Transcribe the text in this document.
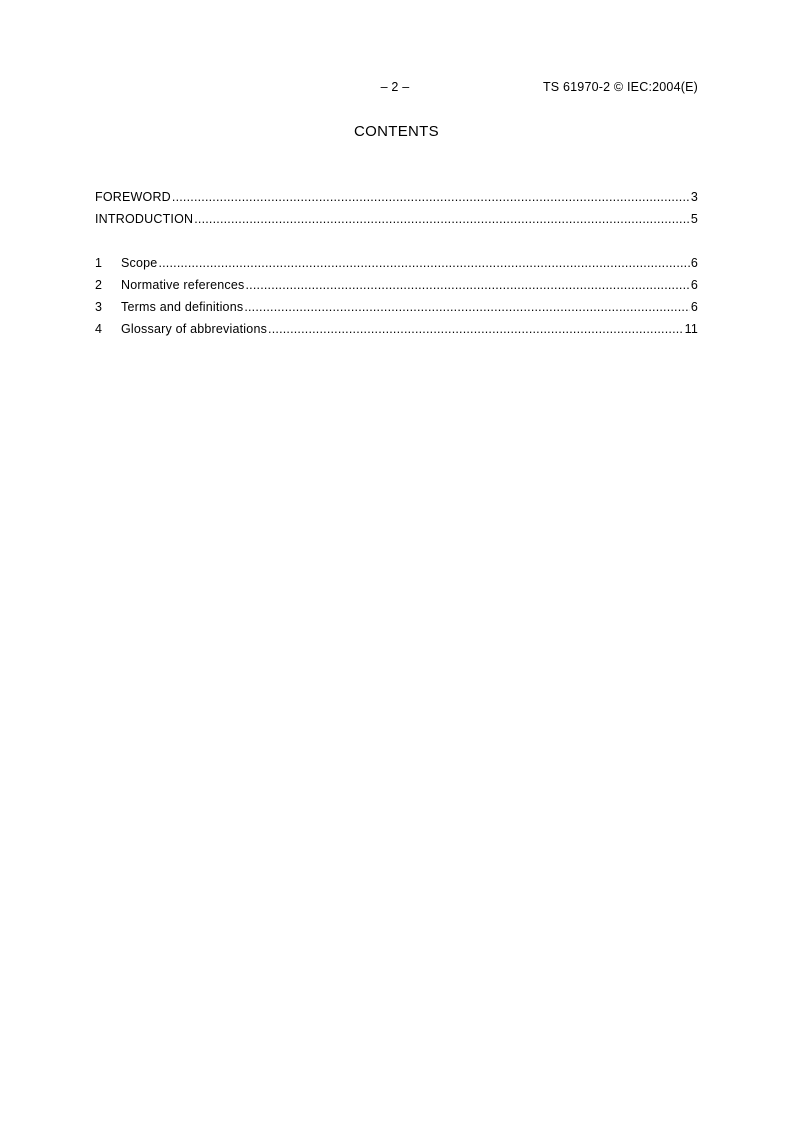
– 2 –	TS 61970-2 © IEC:2004(E)
CONTENTS
FOREWORD .....	3
INTRODUCTION .....	5
1	Scope .....	6
2	Normative references .....	6
3	Terms and definitions .....	6
4	Glossary of abbreviations .....	11
